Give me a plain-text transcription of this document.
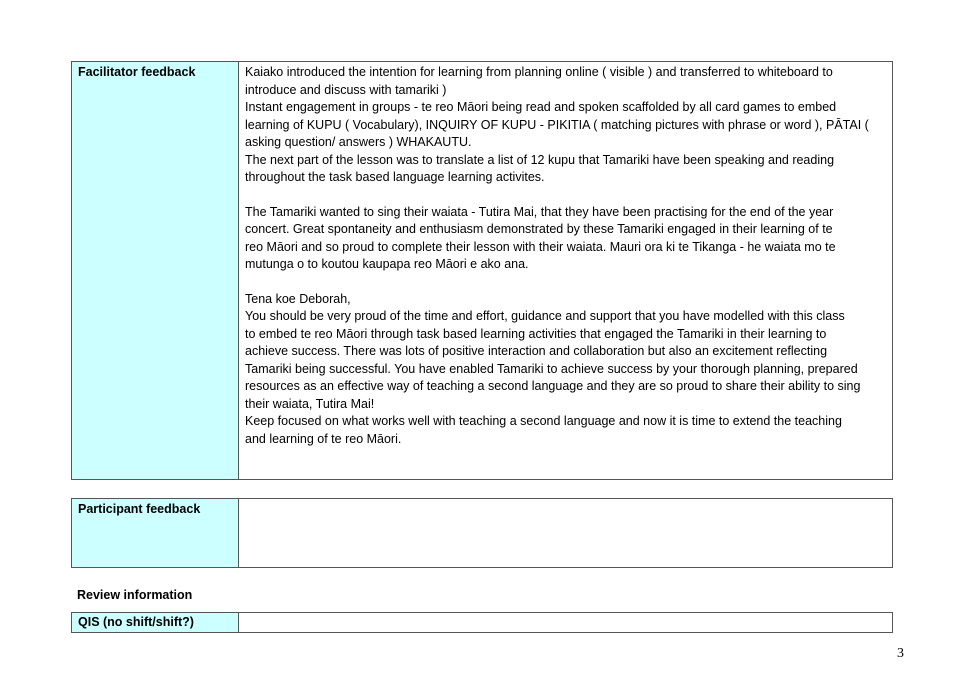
Facilitator feedback	Kaiako introduced the intention for learning from planning online ( visible ) and transferred to whiteboard to
introduce and discuss with tamariki )
Instant engagement in groups - te reo Māori being read and spoken scaffolded by all card games to embed
learning of KUPU ( Vocabulary), INQUIRY OF KUPU - PIKITIA ( matching pictures with phrase or word ), PĀTAI (
asking question/ answers ) WHAKAUTU.
The next part of the lesson was to translate a list of 12 kupu that Tamariki have been speaking and reading
throughout the task based language learning activites.
The Tamariki wanted to sing their waiata - Tutira Mai, that they have been practising for the end of the year
concert. Great spontaneity and enthusiasm demonstrated by these Tamariki engaged in their learning of te
reo Māori and so proud to complete their lesson with their waiata. Mauri ora ki te Tikanga - he waiata mo te
mutunga o to koutou kaupapa reo Māori e ako ana.
Tena koe Deborah,
You should be very proud of the time and effort, guidance and support that you have modelled with this class
to embed te reo Māori through task based learning activities that engaged the Tamariki in their learning to
achieve success. There was lots of positive interaction and collaboration but also an excitement reflecting
Tamariki being successful. You have enabled Tamariki to achieve success by your thorough planning, prepared
resources as an effective way of teaching a second language and they are so proud to share their ability to sing
their waiata, Tutira Mai!
Keep focused on what works well with teaching a second language and now it is time to extend the teaching
and learning of te reo Māori.
Participant feedback	
Review information
QIS (no shift/shift?)	
3
